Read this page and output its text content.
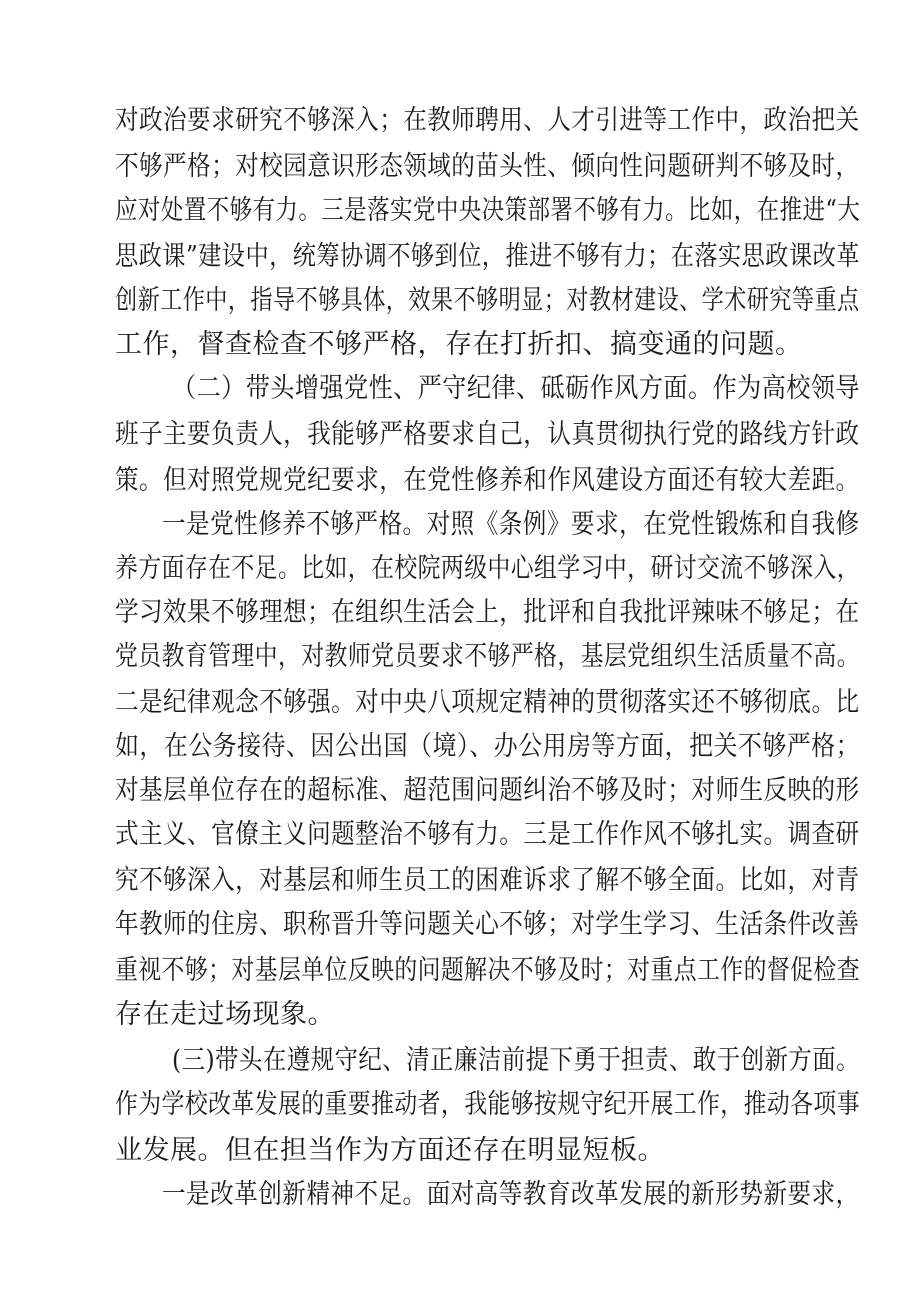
对政治要求研究不够深入；在教师聘用、人才引进等工作中，政治把关
不够严格；对校园意识形态领域的苗头性、倾向性问题研判不够及时，
应对处置不够有力。三是落实党中央决策部署不够有力。比如，在推进“大
思政课”建设中，统筹协调不够到位，推进不够有力；在落实思政课改革
创新工作中，指导不够具体，效果不够明显；对教材建设、学术研究等重点
工作，督查检查不够严格，存在打折扣、搞变通的问题。
（二）带头增强党性、严守纪律、砥砺作风方面。作为高校领导
班子主要负责人，我能够严格要求自己，认真贯彻执行党的路线方针政
策。但对照党规党纪要求，在党性修养和作风建设方面还有较大差距。
一是党性修养不够严格。对照《条例》要求，在党性锻炼和自我修
养方面存在不足。比如，在校院两级中心组学习中，研讨交流不够深入，
学习效果不够理想；在组织生活会上，批评和自我批评辣味不够足；在
党员教育管理中，对教师党员要求不够严格，基层党组织生活质量不高。
二是纪律观念不够强。对中央八项规定精神的贯彻落实还不够彻底。比
如，在公务接待、因公出国（境）、办公用房等方面，把关不够严格；
对基层单位存在的超标准、超范围问题纠治不够及时；对师生反映的形
式主义、官僚主义问题整治不够有力。三是工作作风不够扎实。调查研
究不够深入，对基层和师生员工的困难诉求了解不够全面。比如，对青
年教师的住房、职称晋升等问题关心不够；对学生学习、生活条件改善
重视不够；对基层单位反映的问题解决不够及时；对重点工作的督促检查
存在走过场现象。
(三)带头在遵规守纪、清正廉洁前提下勇于担责、敢于创新方面。
作为学校改革发展的重要推动者，我能够按规守纪开展工作，推动各项事
业发展。但在担当作为方面还存在明显短板。
一是改革创新精神不足。面对高等教育改革发展的新形势新要求，
